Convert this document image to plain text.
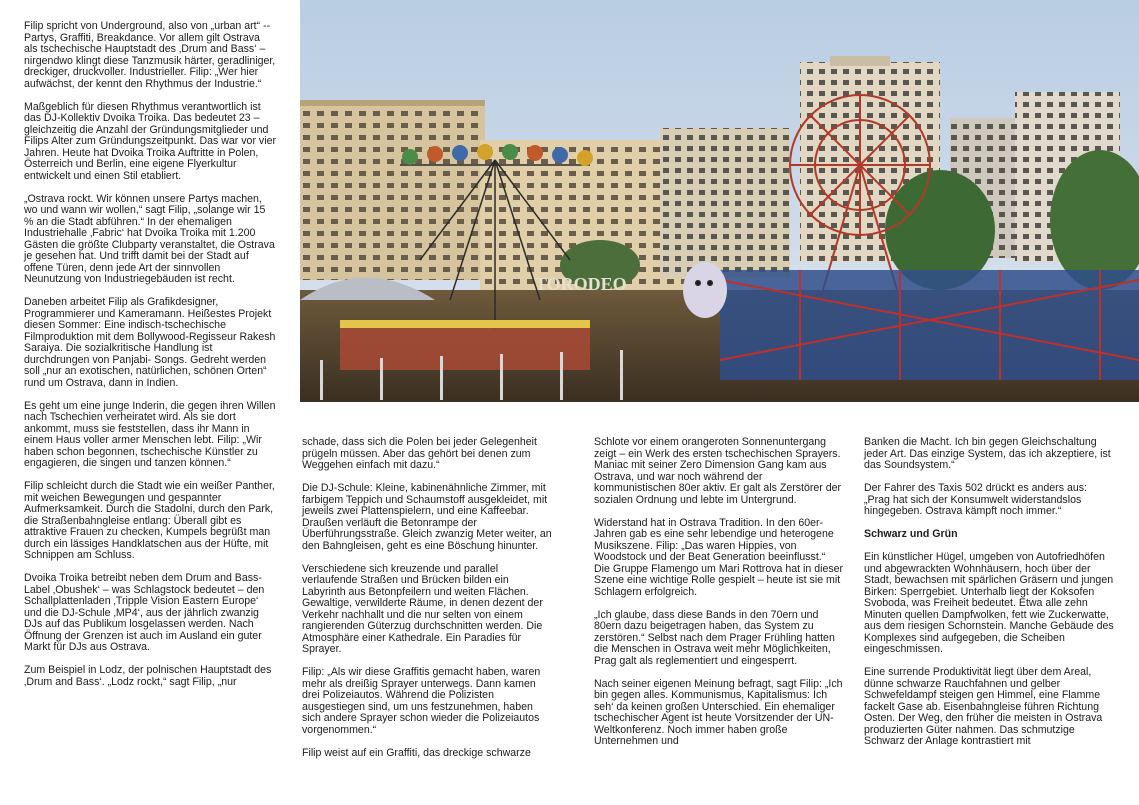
Filip spricht von Underground, also von „urban art“ -- Partys, Graffiti, Breakdance. Vor allem gilt Ostrava als tschechische Hauptstadt des ‚Drum and Bass‘ – nirgendwo klingt diese Tanzmusik härter, geradliniger, dreckiger, druckvoller. Industrieller. Filip: „Wer hier aufwächst, der kennt den Rhythmus der Industrie.“

Maßgeblich für diesen Rhythmus verantwortlich ist das DJ-Kollektiv Dvoika Troika. Das bedeutet 23 – gleichzeitig die Anzahl der Gründungsmitglieder und Filips Alter zum Gründungszeitpunkt. Das war vor vier Jahren. Heute hat Dvoika Troika Auftritte in Polen, Österreich und Berlin, eine eigene Flyerkultur entwickelt und einen Stil etabliert.

„Ostrava rockt. Wir können unsere Partys machen, wo und wann wir wollen,“ sagt Filip, „solange wir 15 % an die Stadt abführen.“ In der ehemaligen Industriehalle ‚Fabric‘ hat Dvoika Troika mit 1.200 Gästen die größte Clubparty veranstaltet, die Ostrava je gesehen hat. Und trifft damit bei der Stadt auf offene Türen, denn jede Art der sinnvollen Neunutzung von Industriegebäuden ist recht.

Daneben arbeitet Filip als Grafikdesigner, Programmierer und Kameramann. Heißestes Projekt diesen Sommer: Eine indisch-tschechische Filmproduktion mit dem Bollywood-Regisseur Rakesh Saraiya. Die sozialkritische Handlung ist durchdrungen von Panjabi- Songs. Gedreht werden soll „nur an exotischen, natürlichen, schönen Orten“ rund um Ostrava, dann in Indien.

Es geht um eine junge Inderin, die gegen ihren Willen nach Tschechien verheiratet wird. Als sie dort ankommt, muss sie feststellen, dass ihr Mann in einem Haus voller armer Menschen lebt. Filip: „Wir haben schon begonnen, tschechische Künstler zu engagieren, die singen und tanzen können.“

Filip schleicht durch die Stadt wie ein weißer Panther, mit weichen Bewegungen und gespannter Aufmerksamkeit. Durch die Stadolni, durch den Park, die Straßenbahngleise entlang: Überall gibt es attraktive Frauen zu checken, Kumpels begrüßt man durch ein lässiges Handklatschen aus der Hüfte, mit Schnippen am Schluss.

Dvoika Troika betreibt neben dem Drum and Bass-Label ‚Obushek‘ – was Schlagstock bedeutet – den Schallplattenladen ‚Tripple Vision Eastern Europe‘ und die DJ-Schule ‚MP4‘, aus der jährlich zwanzig DJs auf das Publikum losgelassen werden. Nach Öffnung der Grenzen ist auch im Ausland ein guter Markt für DJs aus Ostrava.

Zum Beispiel in Lodz, der polnischen Hauptstadt des ‚Drum and Bass‘. „Lodz rockt,“ sagt Filip, „nur

TORODEO

schade, dass sich die Polen bei jeder Gelegenheit prügeln müssen. Aber das gehört bei denen zum Weggehen einfach mit dazu.“

Die DJ-Schule: Kleine, kabinenähnliche Zimmer, mit farbigem Teppich und Schaumstoff ausgekleidet, mit jeweils zwei Plattenspielern, und eine Kaffeebar. Draußen verläuft die Betonrampe der Überführungsstraße. Gleich zwanzig Meter weiter, an den Bahngleisen, geht es eine Böschung hinunter.

Verschiedene sich kreuzende und parallel verlaufende Straßen und Brücken bilden ein Labyrinth aus Betonpfeilern und weiten Flächen. Gewaltige, verwilderte Räume, in denen dezent der Verkehr nachhallt und die nur selten von einem rangierenden Güterzug durchschnitten werden. Die Atmosphäre einer Kathedrale. Ein Paradies für Sprayer.

Filip: „Als wir diese Graffitis gemacht haben, waren mehr als dreißig Sprayer unterwegs. Dann kamen drei Polizeiautos. Während die Polizisten ausgestiegen sind, um uns festzunehmen, haben sich andere Sprayer schon wieder die Polizeiautos vorgenommen.“

Filip weist auf ein Graffiti, das dreckige schwarze

Schlote vor einem orangeroten Sonnenuntergang zeigt – ein Werk des ersten tschechischen Sprayers. Maniac mit seiner Zero Dimension Gang kam aus Ostrava, und war noch während der kommunistischen 80er aktiv. Er galt als Zerstörer der sozialen Ordnung und lebte im Untergrund.

Widerstand hat in Ostrava Tradition. In den 60er-Jahren gab es eine sehr lebendige und heterogene Musikszene. Filip: „Das waren Hippies, von Woodstock und der Beat Generation beeinflusst.“ Die Gruppe Flamengo um Mari Rottrova hat in dieser Szene eine wichtige Rolle gespielt – heute ist sie mit Schlagern erfolgreich.

„Ich glaube, dass diese Bands in den 70ern und 80ern dazu beigetragen haben, das System zu zerstören.“ Selbst nach dem Prager Frühling hatten die Menschen in Ostrava weit mehr Möglichkeiten, Prag galt als reglementiert und eingesperrt.

Nach seiner eigenen Meinung befragt, sagt Filip: „Ich bin gegen alles. Kommunismus, Kapitalismus: Ich seh‘ da keinen großen Unterschied. Ein ehemaliger tschechischer Agent ist heute Vorsitzender der UN-Weltkonferenz. Noch immer haben große Unternehmen und

Banken die Macht. Ich bin gegen Gleichschaltung jeder Art. Das einzige System, das ich akzeptiere, ist das Soundsystem.“

Der Fahrer des Taxis 502 drückt es anders aus: „Prag hat sich der Konsumwelt widerstandslos hingegeben. Ostrava kämpft noch immer.“

Schwarz und Grün

Ein künstlicher Hügel, umgeben von Autofriedhöfen und abgewrackten Wohnhäusern, hoch über der Stadt, bewachsen mit spärlichen Gräsern und jungen Birken: Sperrgebiet. Unterhalb liegt der Koksofen Svoboda, was Freiheit bedeutet. Etwa alle zehn Minuten quellen Dampfwolken, fett wie Zuckerwatte, aus dem riesigen Schornstein. Manche Gebäude des Komplexes sind aufgegeben, die Scheiben eingeschmissen.

Eine surrende Produktivität liegt über dem Areal, dünne schwarze Rauchfahnen und gelber Schwefeldampf steigen gen Himmel, eine Flamme fackelt Gase ab. Eisenbahngleise führen Richtung Osten. Der Weg, den früher die meisten in Ostrava produzierten Güter nahmen. Das schmutzige Schwarz der Anlage kontrastiert mit
